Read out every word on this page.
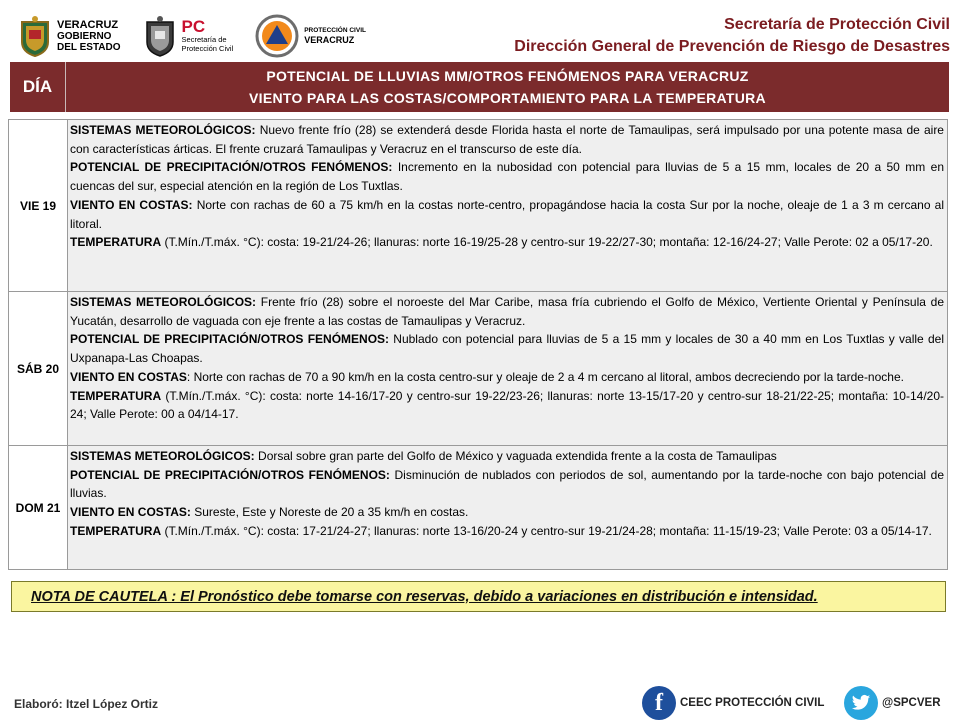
VERACRUZ
GOBIERNO
DEL ESTADO
PC
Secretaría de
Protección Civil
PROTECCIÓN CIVIL
VERACRUZ
Secretaría de Protección Civil
Dirección General de Prevención de Riesgo de Desastres
DÍA
POTENCIAL DE LLUVIAS MM/OTROS FENÓMENOS PARA VERACRUZ
VIENTO PARA LAS COSTAS/COMPORTAMIENTO PARA LA TEMPERATURA
VIE 19	SISTEMAS METEOROLÓGICOS: Nuevo frente frío (28) se extenderá desde Florida hasta el norte de Tamaulipas, será impulsado por una potente masa de aire con características árticas. El frente cruzará Tamaulipas y Veracruz en el transcurso de este día.
POTENCIAL DE PRECIPITACIÓN/OTROS FENÓMENOS: Incremento en la nubosidad con potencial para lluvias de 5 a 15 mm, locales de 20 a 50 mm en cuencas del sur, especial atención en la región de Los Tuxtlas.
VIENTO EN COSTAS: Norte con rachas de 60 a 75 km/h en la costas norte-centro, propagándose hacia la costa Sur por la noche, oleaje de 1 a 3 m cercano al litoral.
TEMPERATURA (T.Mín./T.máx. °C): costa: 19-21/24-26; llanuras: norte 16-19/25-28 y centro-sur 19-22/27-30; montaña: 12-16/24-27; Valle Perote: 02 a 05/17-20.

SÁB 20	SISTEMAS METEOROLÓGICOS: Frente frío (28) sobre el noroeste del Mar Caribe, masa fría cubriendo el Golfo de México, Vertiente Oriental y Península de Yucatán, desarrollo de vaguada con eje frente a las costas de Tamaulipas y Veracruz.
POTENCIAL DE PRECIPITACIÓN/OTROS FENÓMENOS: Nublado con potencial para lluvias de 5 a 15 mm y locales de 30 a 40 mm en Los Tuxtlas y valle del Uxpanapa-Las Choapas.
VIENTO EN COSTAS: Norte con rachas de 70 a 90 km/h en la costa centro-sur y oleaje de 2 a 4 m cercano al litoral, ambos decreciendo por la tarde-noche.
TEMPERATURA (T.Mín./T.máx. °C): costa: norte 14-16/17-20 y centro-sur 19-22/23-26; llanuras: norte 13-15/17-20 y centro-sur 18-21/22-25; montaña: 10-14/20-24; Valle Perote: 00 a 04/14-17.

DOM 21	SISTEMAS METEOROLÓGICOS: Dorsal sobre gran parte del Golfo de México y vaguada extendida frente a la costa de Tamaulipas
POTENCIAL DE PRECIPITACIÓN/OTROS FENÓMENOS: Disminución de nublados con periodos de sol, aumentando por la tarde-noche con bajo potencial de lluvias.
VIENTO EN COSTAS: Sureste, Este y Noreste de 20 a 35 km/h en costas.
TEMPERATURA (T.Mín./T.máx. °C): costa: 17-21/24-27; llanuras: norte 13-16/20-24 y centro-sur 19-21/24-28; montaña: 11-15/19-23; Valle Perote: 03 a 05/14-17.
NOTA DE CAUTELA : El Pronóstico debe tomarse con reservas, debido a variaciones en distribución e intensidad.
Elaboró: Itzel López Ortiz	f	CEEC PROTECCIÓN CIVIL	@SPCVER
